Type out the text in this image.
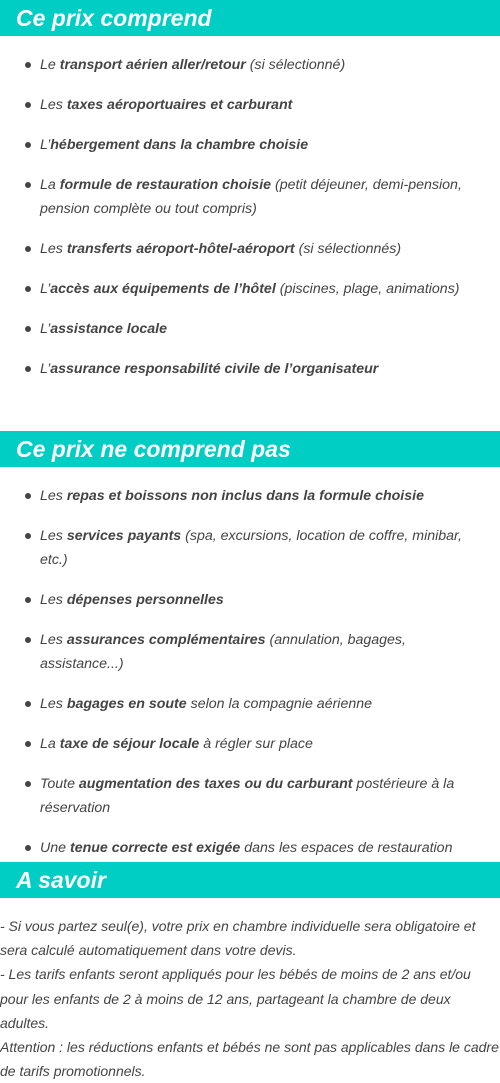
Ce prix comprend
Le transport aérien aller/retour (si sélectionné)
Les taxes aéroportuaires et carburant
L’hébergement dans la chambre choisie
La formule de restauration choisie (petit déjeuner, demi-pension, pension complète ou tout compris)
Les transferts aéroport-hôtel-aéroport (si sélectionnés)
L’accès aux équipements de l’hôtel (piscines, plage, animations)
L’assistance locale
L’assurance responsabilité civile de l’organisateur
Ce prix ne comprend pas
Les repas et boissons non inclus dans la formule choisie
Les services payants (spa, excursions, location de coffre, minibar, etc.)
Les dépenses personnelles
Les assurances complémentaires (annulation, bagages, assistance...)
Les bagages en soute selon la compagnie aérienne
La taxe de séjour locale à régler sur place
Toute augmentation des taxes ou du carburant postérieure à la réservation
Une tenue correcte est exigée dans les espaces de restauration
A savoir

- Si vous partez seul(e), votre prix en chambre individuelle sera obligatoire et sera calculé automatiquement dans votre devis.

- Les tarifs enfants seront appliqués pour les bébés de moins de 2 ans et/ou pour les enfants de 2 à moins de 12 ans, partageant la chambre de deux adultes.

Attention : les réductions enfants et bébés ne sont pas applicables dans le cadre de tarifs promotionnels.
